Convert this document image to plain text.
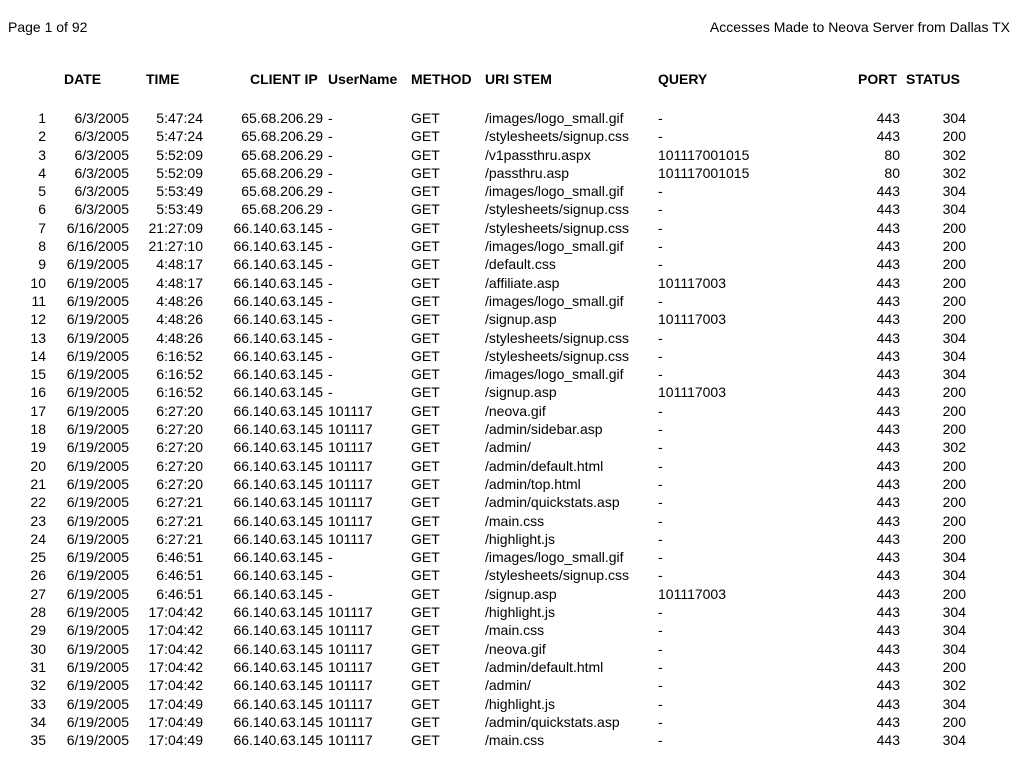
Page 1 of 92	Accesses Made to Neova Server from Dallas TX
DATE	TIME	CLIENT IP UserName METHOD URI STEM	QUERY	PORT STATUS
1 6/3/2005 5:47:24	65.68.206.29 -	GET	/images/logo_small.gif -	443	304
2 6/3/2005 5:47:24	65.68.206.29 -	GET	/stylesheets/signup.css -	443	200
3 6/3/2005 5:52:09	65.68.206.29 -	GET	/v1passthru.aspx	101117001015	80	302
4 6/3/2005 5:52:09	65.68.206.29 -	GET	/passthru.asp	101117001015	80	302
5 6/3/2005 5:53:49	65.68.206.29 -	GET	/images/logo_small.gif -	443	304
6 6/3/2005 5:53:49	65.68.206.29 -	GET	/stylesheets/signup.css -	443	304
7 6/16/2005 21:27:09 66.140.63.145 -	GET	/stylesheets/signup.css -	443	200
8 6/16/2005 21:27:10 66.140.63.145 -	GET	/images/logo_small.gif -	443	200
9 6/19/2005 4:48:17 66.140.63.145 -	GET	/default.css	-	443	200
10 6/19/2005 4:48:17 66.140.63.145 -	GET	/affiliate.asp	101117003	443	200
11 6/19/2005 4:48:26 66.140.63.145 -	GET	/images/logo_small.gif -	443	200
12 6/19/2005 4:48:26 66.140.63.145 -	GET	/signup.asp	101117003	443	200
13 6/19/2005 4:48:26 66.140.63.145 -	GET	/stylesheets/signup.css -	443	304
14 6/19/2005 6:16:52 66.140.63.145 -	GET	/stylesheets/signup.css -	443	304
15 6/19/2005 6:16:52 66.140.63.145 -	GET	/images/logo_small.gif -	443	304
16 6/19/2005 6:16:52 66.140.63.145 -	GET	/signup.asp	101117003	443	200
17 6/19/2005 6:27:20 66.140.63.145 101117	GET	/neova.gif	-	443	200
18 6/19/2005 6:27:20 66.140.63.145 101117	GET	/admin/sidebar.asp	-	443	200
19 6/19/2005 6:27:20 66.140.63.145 101117	GET	/admin/	-	443	302
20 6/19/2005 6:27:20 66.140.63.145 101117	GET	/admin/default.html	-	443	200
21 6/19/2005 6:27:20 66.140.63.145 101117	GET	/admin/top.html	-	443	200
22 6/19/2005 6:27:21 66.140.63.145 101117	GET	/admin/quickstats.asp	-	443	200
23 6/19/2005 6:27:21 66.140.63.145 101117	GET	/main.css	-	443	200
24 6/19/2005 6:27:21 66.140.63.145 101117	GET	/highlight.js	-	443	200
25 6/19/2005 6:46:51 66.140.63.145 -	GET	/images/logo_small.gif -	443	304
26 6/19/2005 6:46:51 66.140.63.145 -	GET	/stylesheets/signup.css -	443	304
27 6/19/2005 6:46:51 66.140.63.145 -	GET	/signup.asp	101117003	443	200
28 6/19/2005 17:04:42 66.140.63.145 101117	GET	/highlight.js	-	443	304
29 6/19/2005 17:04:42 66.140.63.145 101117	GET	/main.css	-	443	304
30 6/19/2005 17:04:42 66.140.63.145 101117	GET	/neova.gif	-	443	304
31 6/19/2005 17:04:42 66.140.63.145 101117	GET	/admin/default.html	-	443	200
32 6/19/2005 17:04:42 66.140.63.145 101117	GET	/admin/	-	443	302
33 6/19/2005 17:04:49 66.140.63.145 101117	GET	/highlight.js	-	443	304
34 6/19/2005 17:04:49 66.140.63.145 101117	GET	/admin/quickstats.asp	-	443	200
35 6/19/2005 17:04:49 66.140.63.145 101117	GET	/main.css	-	443	304
